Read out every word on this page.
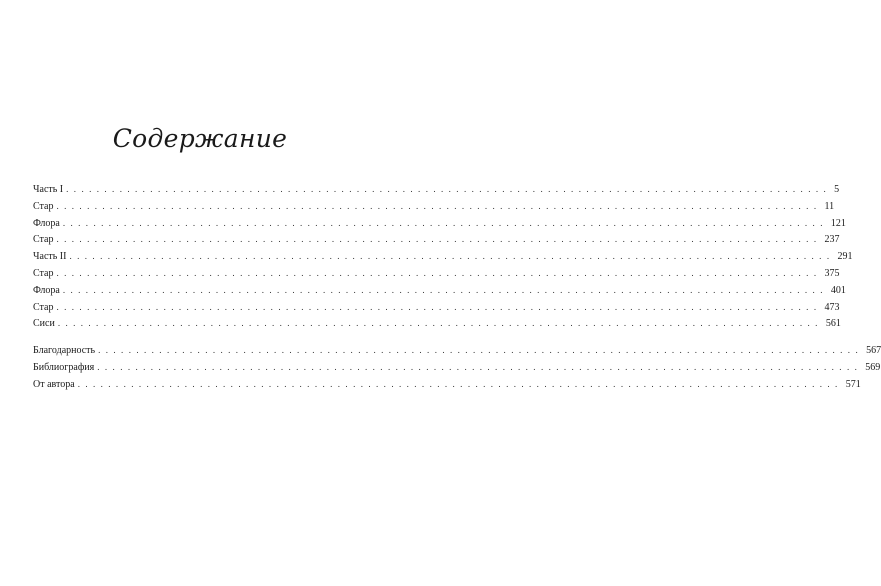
Содержание
Часть I .................................................................................................... 5
Стар .................................................................................................... 11
Флора .................................................................................................... 121
Стар .................................................................................................... 237
Часть II .................................................................................................... 291
Стар .................................................................................................... 375
Флора .................................................................................................... 401
Стар .................................................................................................... 473
Сиси .................................................................................................... 561
Благодарность .................................................................................................... 567
Библиография .................................................................................................... 569
От автора .................................................................................................... 571
